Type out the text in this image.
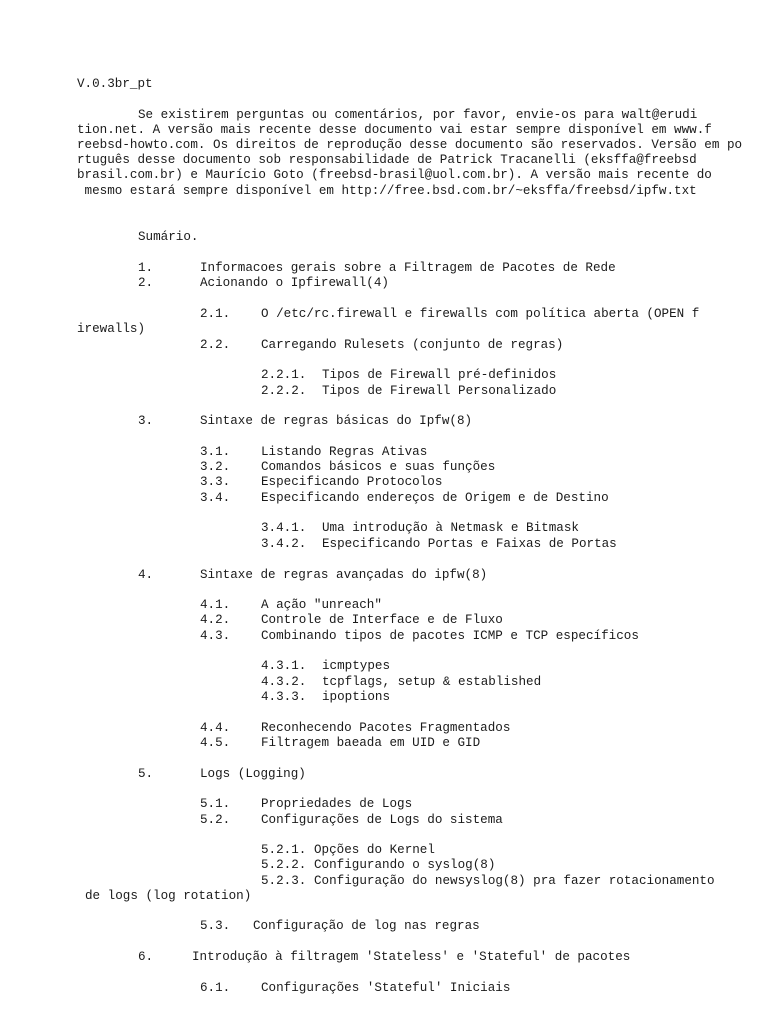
V.0.3br_pt
Se existirem perguntas ou comentários, por favor, envie-os para walt@erudi
tion.net. A versão mais recente desse documento vai estar sempre disponível em www.f
reebsd-howto.com. Os direitos de reprodução desse documento são reservados. Versão em po
rtuguês desse documento sob responsabilidade de Patrick Tracanelli (eksffa@freebsd
brasil.com.br) e Maurício Goto (freebsd-brasil@uol.com.br). A versão mais recente do
mesmo estará sempre disponível em http://free.bsd.com.br/~eksffa/freebsd/ipfw.txt
Sumário.
1.	Informacoes gerais sobre a Filtragem de Pacotes de Rede
2.	Acionando o Ipfirewall(4)
2.1. O /etc/rc.firewall e firewalls com política aberta (OPEN f
irewalls)
2.2. Carregando Rulesets (conjunto de regras)
2.2.1. Tipos de Firewall pré-definidos
2.2.2. Tipos de Firewall Personalizado
3.	Sintaxe de regras básicas do Ipfw(8)
3.1. Listando Regras Ativas
3.2. Comandos básicos e suas funções
3.3. Especificando Protocolos
3.4. Especificando endereços de Origem e de Destino
3.4.1. Uma introdução à Netmask e Bitmask
3.4.2. Especificando Portas e Faixas de Portas
4.	Sintaxe de regras avançadas do ipfw(8)
4.1. A ação "unreach"
4.2. Controle de Interface e de Fluxo
4.3. Combinando tipos de pacotes ICMP e TCP específicos
4.3.1. icmptypes
4.3.2. tcpflags, setup & established
4.3.3. ipoptions
4.4. Reconhecendo Pacotes Fragmentados
4.5. Filtragem baeada em UID e GID
5.	Logs (Logging)
5.1. Propriedades de Logs
5.2. Configurações de Logs do sistema
5.2.1. Opções do Kernel
5.2.2. Configurando o syslog(8)
5.2.3. Configuração do newsyslog(8) pra fazer rotacionamento
de logs (log rotation)
5.3. Configuração de log nas regras
6.	Introdução à filtragem 'Stateless' e 'Stateful' de pacotes
6.1. Configurações 'Stateful' Iniciais
